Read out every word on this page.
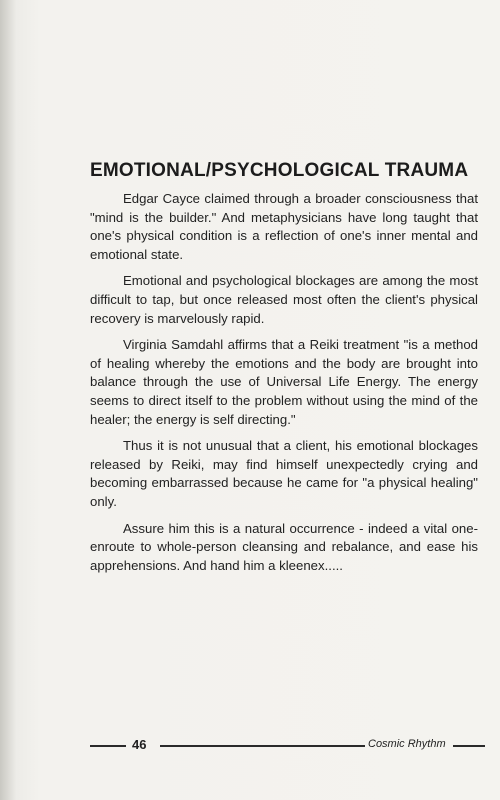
EMOTIONAL/PSYCHOLOGICAL TRAUMA

Edgar Cayce claimed through a broader consciousness that "mind is the builder." And metaphysicians have long taught that one's physical condition is a reflection of one's inner mental and emotional state.

Emotional and psychological blockages are among the most difficult to tap, but once released most often the client's physical recovery is marvelously rapid.

Virginia Samdahl affirms that a Reiki treatment "is a method of healing whereby the emotions and the body are brought into balance through the use of Universal Life Energy. The energy seems to direct itself to the problem without using the mind of the healer; the energy is self directing."

Thus it is not unusual that a client, his emotional blockages released by Reiki, may find himself unexpectedly crying and becoming embarrassed because he came for "a physical healing" only.

Assure him this is a natural occurrence - indeed a vital one-enroute to whole-person cleansing and rebalance, and ease his apprehensions. And hand him a kleenex.....

46	Cosmic Rhythm
